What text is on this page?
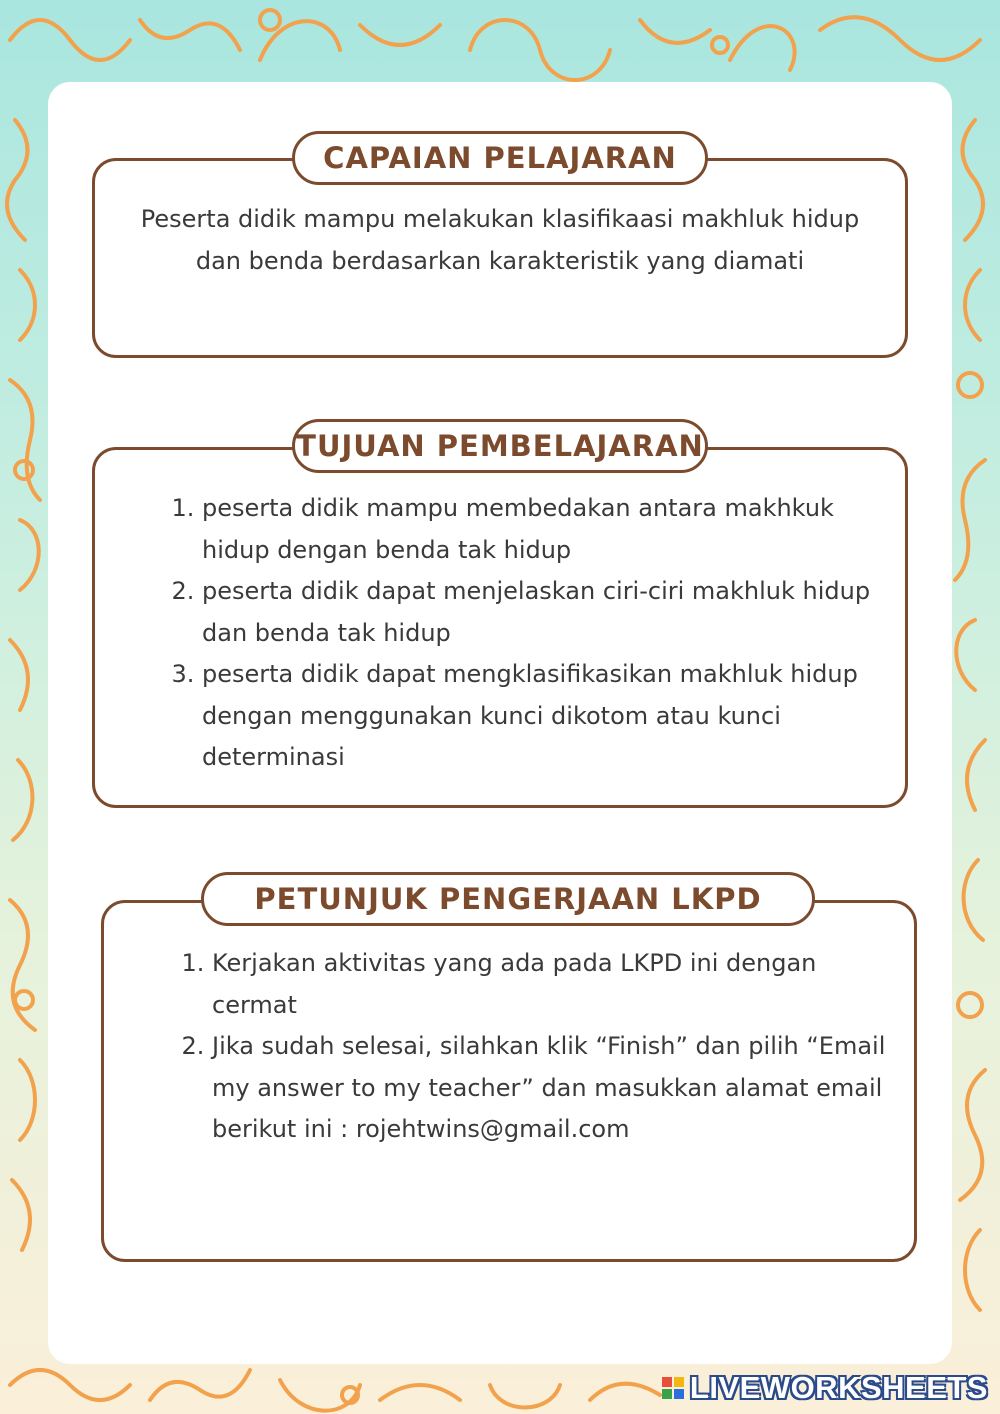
CAPAIAN PELAJARAN
Peserta didik mampu melakukan klasifikaasi makhluk hidup dan benda berdasarkan karakteristik yang diamati
TUJUAN PEMBELAJARAN
1. peserta didik mampu membedakan antara makhkuk hidup dengan benda tak hidup
2. peserta didik dapat menjelaskan ciri-ciri makhluk hidup dan benda tak hidup
3. peserta didik dapat mengklasifikasikan makhluk hidup dengan menggunakan kunci dikotom atau kunci determinasi
PETUNJUK PENGERJAAN LKPD
1. Kerjakan aktivitas yang ada pada LKPD ini dengan cermat
2. Jika sudah selesai, silahkan klik “Finish” dan pilih “Email my answer to my teacher” dan masukkan alamat email berikut ini : rojehtwins@gmail.com
LIVEWORKSHEETS
